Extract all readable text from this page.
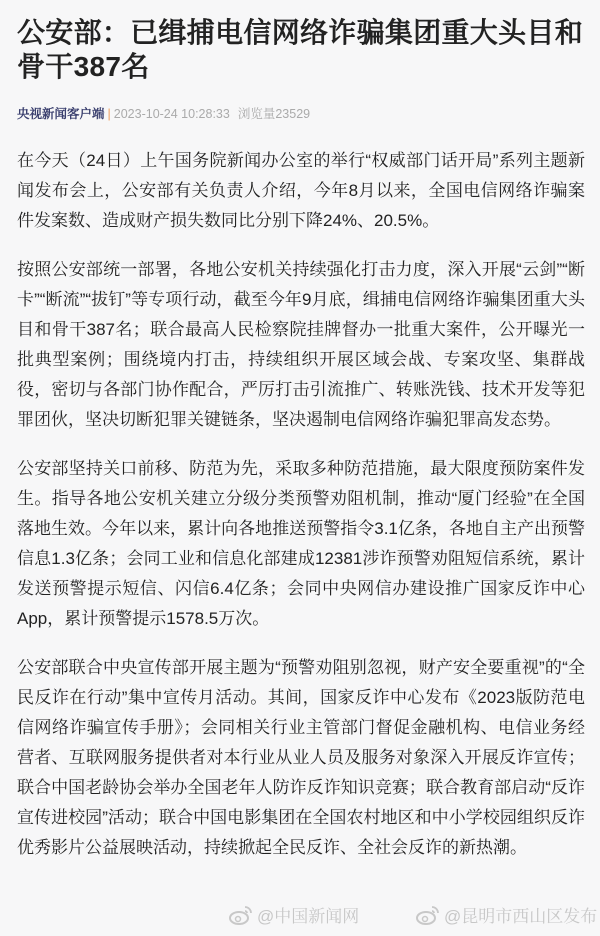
公安部：已缉捕电信网络诈骗集团重大头目和骨干387名
央视新闻客户端 | 2023-10-24 10:28:33 浏览量23529

在今天（24日）上午国务院新闻办公室的举行“权威部门话开局”系列主题新闻发布会上，公安部有关负责人介绍，今年8月以来，全国电信网络诈骗案件发案数、造成财产损失数同比分别下降24%、20.5%。

按照公安部统一部署，各地公安机关持续强化打击力度，深入开展“云剑”“断卡”“断流”“拔钉”等专项行动，截至今年9月底，缉捕电信网络诈骗集团重大头目和骨干387名；联合最高人民检察院挂牌督办一批重大案件，公开曝光一批典型案例；围绕境内打击，持续组织开展区域会战、专案攻坚、集群战役，密切与各部门协作配合，严厉打击引流推广、转账洗钱、技术开发等犯罪团伙，坚决切断犯罪关键链条，坚决遏制电信网络诈骗犯罪高发态势。

公安部坚持关口前移、防范为先，采取多种防范措施，最大限度预防案件发生。指导各地公安机关建立分级分类预警劝阻机制，推动“厦门经验”在全国落地生效。今年以来，累计向各地推送预警指令3.1亿条，各地自主产出预警信息1.3亿条；会同工业和信息化部建成12381涉诈预警劝阻短信系统，累计发送预警提示短信、闪信6.4亿条；会同中央网信办建设推广国家反诈中心App，累计预警提示1578.5万次。

公安部联合中央宣传部开展主题为“预警劝阻别忽视，财产安全要重视”的“全民反诈在行动”集中宣传月活动。其间，国家反诈中心发布《2023版防范电信网络诈骗宣传手册》；会同相关行业主管部门督促金融机构、电信业务经营者、互联网服务提供者对本行业从业人员及服务对象深入开展反诈宣传；联合中国老龄协会举办全国老年人防诈反诈知识竞赛；联合教育部启动“反诈宣传进校园”活动；联合中国电影集团在全国农村地区和中小学校园组织反诈优秀影片公益展映活动，持续掀起全民反诈、全社会反诈的新热潮。

@中国新闻网	@昆明市西山区发布
